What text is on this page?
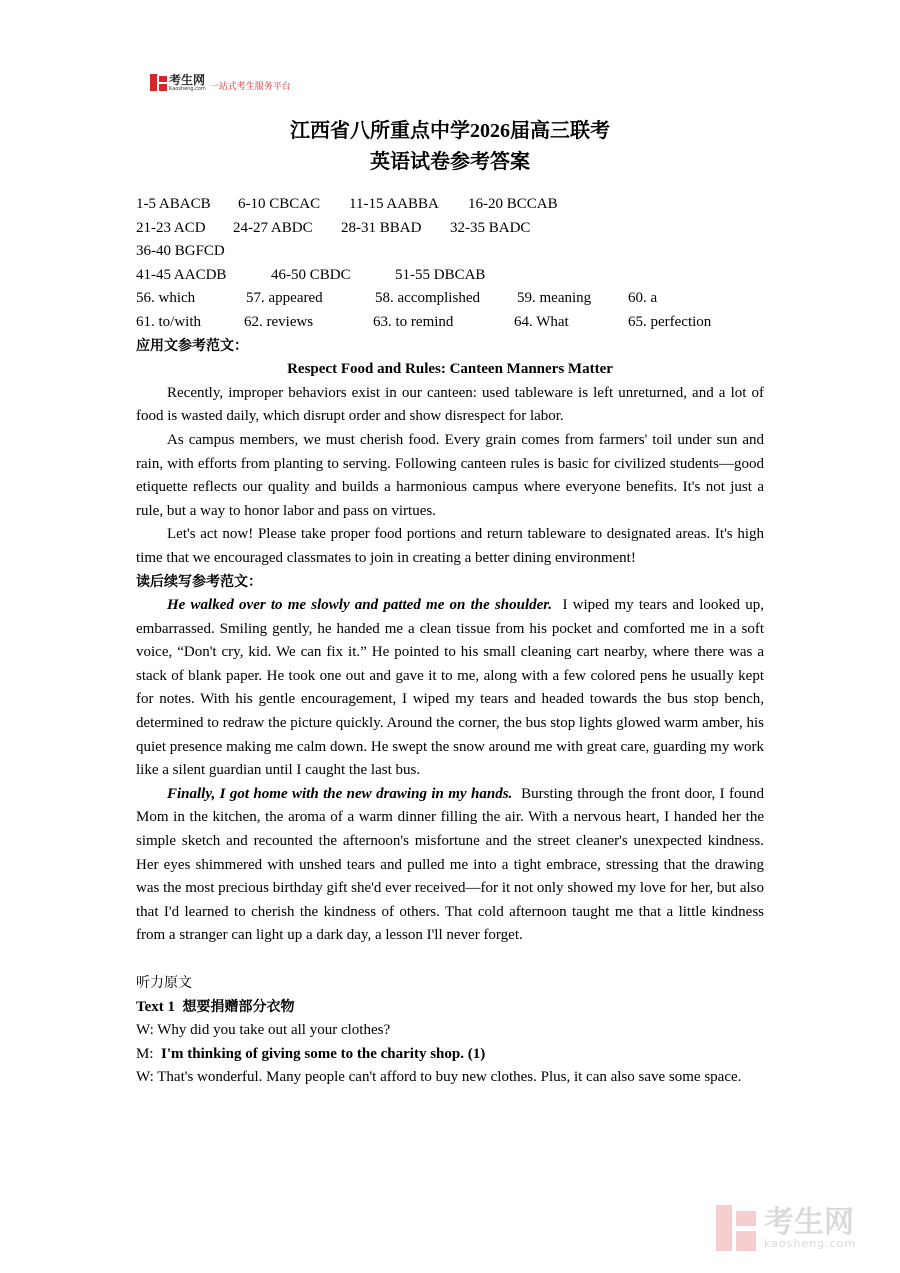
考生网
Kaosheng.com 一站式考生服务平台
江西省八所重点中学2026届高三联考
英语试卷参考答案
1-5 ABACB	6-10 CBCAC	11-15 AABBA	16-20 BCCAB
21-23 ACD	24-27 ABDC	28-31 BBAD	32-35 BADC
36-40 BGFCD
41-45 AACDB	46-50 CBDC	51-55 DBCAB
56. which	57. appeared	58. accomplished	59. meaning	60. a
61. to/with	62. reviews	63. to remind	64. What	65. perfection
应用文参考范文：
Respect Food and Rules: Canteen Manners Matter
Recently, improper behaviors exist in our canteen: used tableware is left unreturned, and a lot of food is wasted daily, which disrupt order and show disrespect for labor.
As campus members, we must cherish food. Every grain comes from farmers' toil under sun and rain, with efforts from planting to serving. Following canteen rules is basic for civilized students—good etiquette reflects our quality and builds a harmonious campus where everyone benefits. It's not just a rule, but a way to honor labor and pass on virtues.
Let's act now! Please take proper food portions and return tableware to designated areas. It's high time that we encouraged classmates to join in creating a better dining environment!
读后续写参考范文：
He walked over to me slowly and patted me on the shoulder. I wiped my tears and looked up, embarrassed. Smiling gently, he handed me a clean tissue from his pocket and comforted me in a soft voice, “Don't cry, kid. We can fix it.” He pointed to his small cleaning cart nearby, where there was a stack of blank paper. He took one out and gave it to me, along with a few colored pens he usually kept for notes. With his gentle encouragement, I wiped my tears and headed towards the bus stop bench, determined to redraw the picture quickly. Around the corner, the bus stop lights glowed warm amber, his quiet presence making me calm down. He swept the snow around me with great care, guarding my work like a silent guardian until I caught the last bus.
Finally, I got home with the new drawing in my hands. Bursting through the front door, I found Mom in the kitchen, the aroma of a warm dinner filling the air. With a nervous heart, I handed her the simple sketch and recounted the afternoon's misfortune and the street cleaner's unexpected kindness. Her eyes shimmered with unshed tears and pulled me into a tight embrace, stressing that the drawing was the most precious birthday gift she'd ever received—for it not only showed my love for her, but also that I'd learned to cherish the kindness of others. That cold afternoon taught me that a little kindness from a stranger can light up a dark day, a lesson I'll never forget.
听力原文
Text 1 想要捐赠部分衣物
W: Why did you take out all your clothes?
M: I'm thinking of giving some to the charity shop. (1)
W: That's wonderful. Many people can't afford to buy new clothes. Plus, it can also save some space.
考生网
kaosheng.com
